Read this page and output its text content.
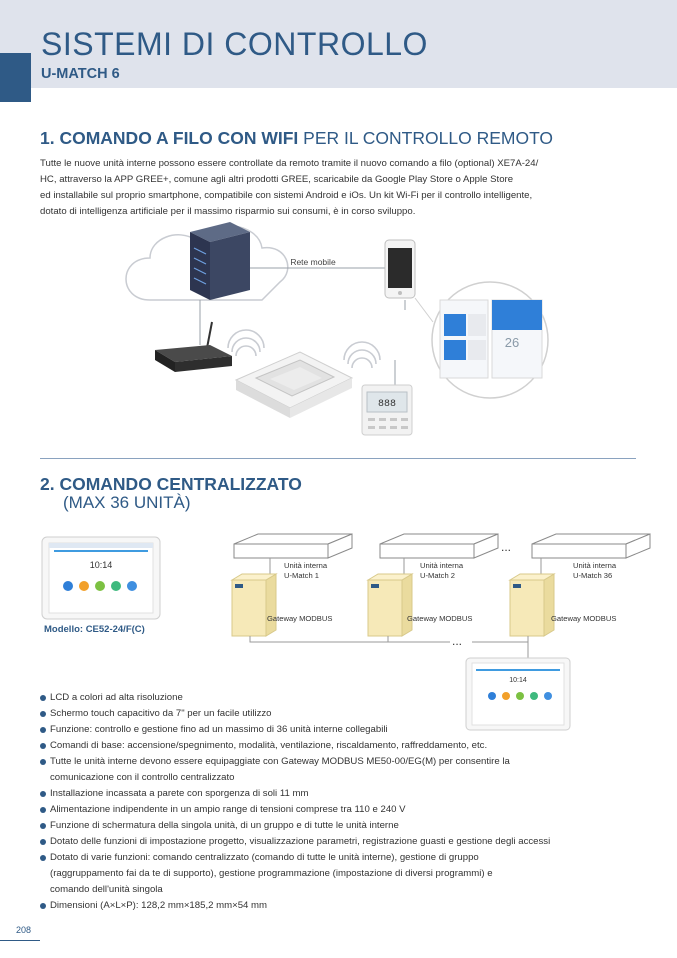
SISTEMI DI CONTROLLO
U-MATCH 6
1. COMANDO A FILO CON WIFI PER IL CONTROLLO REMOTO

Tutte le nuove unità interne possono essere controllate da remoto tramite il nuovo comando a filo (optional) XE7A-24/

HC, attraverso la APP GREE+, comune agli altri prodotti GREE, scaricabile da Google Play Store o Apple Store

ed installabile sul proprio smartphone, compatibile con sistemi Android e iOs. Un kit Wi-Fi per il controllo intelligente,

dotato di intelligenza artificiale per il massimo risparmio sui consumi, è in corso sviluppo.

888
26
Rete mobile
2. COMANDO CENTRALIZZATO
(MAX 36 UNITÀ)
10:14
...
...
10:14
Modello: CE52-24/F(C)
Unità interna
U-Match 1
Unità interna
U-Match 2
Unità interna
U-Match 36
Gateway MODBUS	Gateway MODBUS	Gateway MODBUS
LCD a colori ad alta risoluzione
Schermo touch capacitivo da 7" per un facile utilizzo
Funzione: controllo e gestione fino ad un massimo di 36 unità interne collegabili
Comandi di base: accensione/spegnimento, modalità, ventilazione, riscaldamento, raffreddamento, etc.
Tutte le unità interne devono essere equipaggiate con Gateway MODBUS ME50-00/EG(M) per consentire la
comunicazione con il controllo centralizzato
Installazione incassata a parete con sporgenza di soli 11 mm
Alimentazione indipendente in un ampio range di tensioni comprese tra 110 e 240 V
Funzione di schermatura della singola unità, di un gruppo e di tutte le unità interne
Dotato delle funzioni di impostazione progetto, visualizzazione parametri, registrazione guasti e gestione degli accessi
Dotato di varie funzioni: comando centralizzato (comando di tutte le unità interne), gestione di gruppo
(raggruppamento fai da te di supporto), gestione programmazione (impostazione di diversi programmi) e
comando dell'unità singola
Dimensioni (A×L×P): 128,2 mm×185,2 mm×54 mm
208
